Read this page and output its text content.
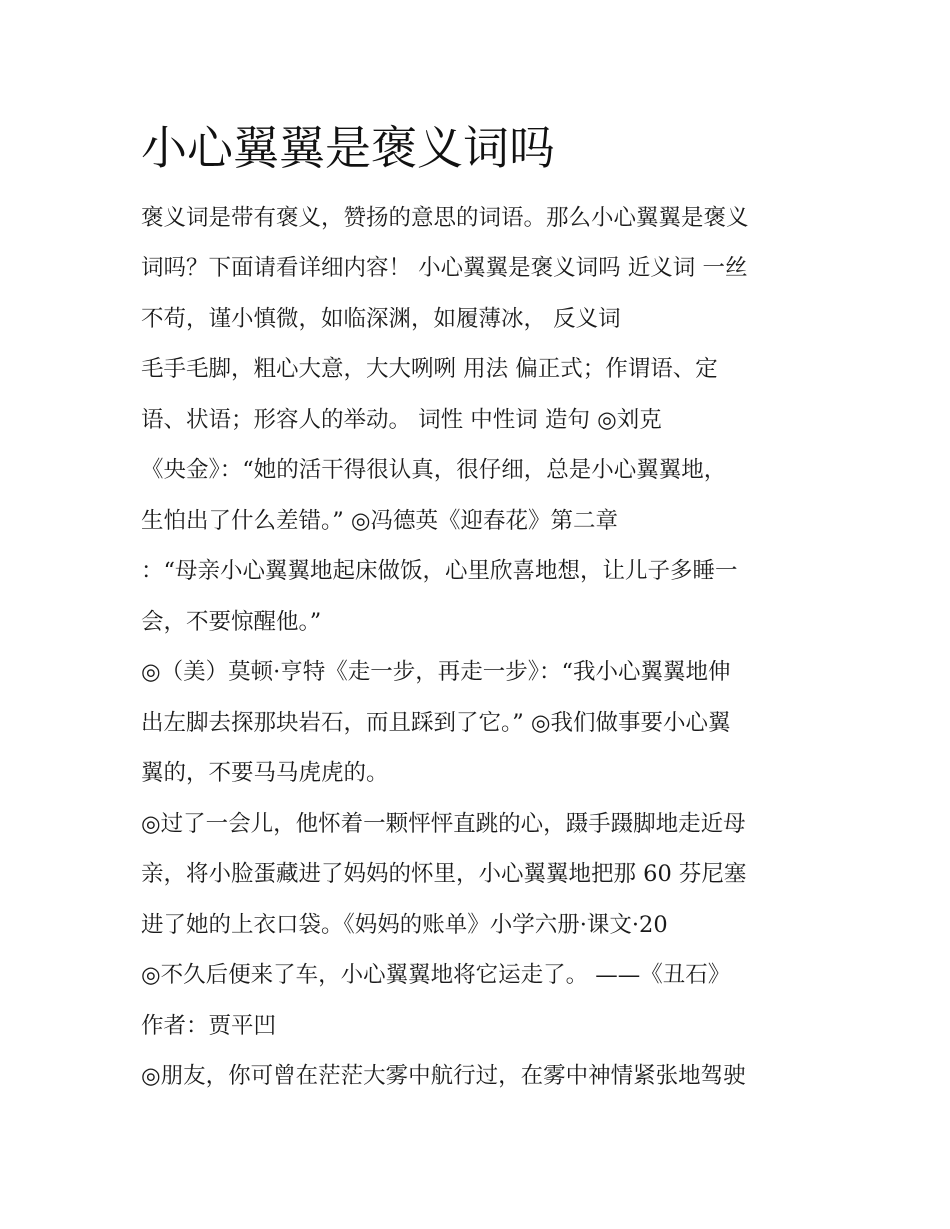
小心翼翼是褒义词吗

褒义词是带有褒义，赞扬的意思的词语。那么小心翼翼是褒义

词吗？下面请看详细内容！ 小心翼翼是褒义词吗 近义词 一丝

不苟，谨小慎微，如临深渊，如履薄冰， 反义词

毛手毛脚，粗心大意，大大咧咧 用法 偏正式；作谓语、定

语、状语；形容人的举动。 词性 中性词 造句 ◎刘克

《央金》：“她的活干得很认真，很仔细，总是小心翼翼地，

生怕出了什么差错。” ◎冯德英《迎春花》第二章

：“母亲小心翼翼地起床做饭，心里欣喜地想，让儿子多睡一

会，不要惊醒他。”

◎（美）莫顿·亨特《走一步，再走一步》：“我小心翼翼地伸

出左脚去探那块岩石，而且踩到了它。” ◎我们做事要小心翼

翼的，不要马马虎虎的。

◎过了一会儿，他怀着一颗怦怦直跳的心，蹑手蹑脚地走近母

亲，将小脸蛋藏进了妈妈的怀里，小心翼翼地把那 60 芬尼塞

进了她的上衣口袋。《妈妈的账单》小学六册·课文·20

◎不久后便来了车，小心翼翼地将它运走了。 ——《丑石》

作者：贾平凹

◎朋友，你可曾在茫茫大雾中航行过，在雾中神情紧张地驾驶
